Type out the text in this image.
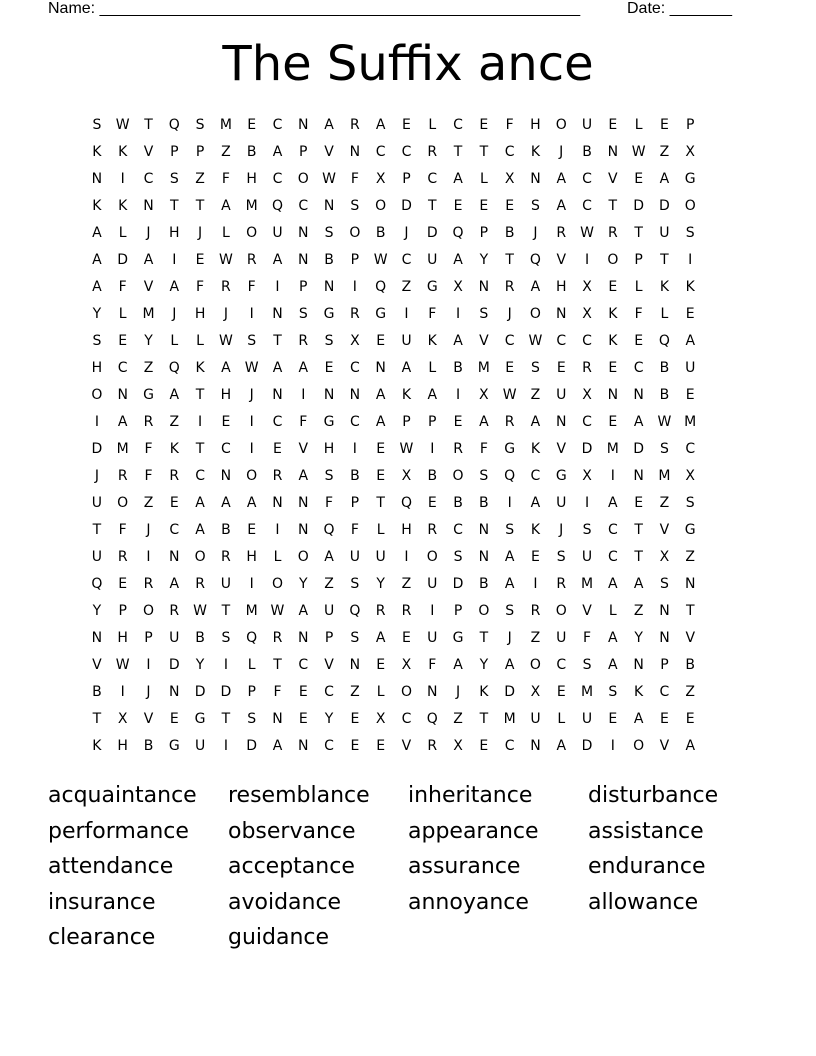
Name: ______________________________________________________	Date: _______
The Suffix ance
S	W	T	Q	S	M	E	C	N	A	R	A	E	L	C	E	F	H	O	U	E	L	E	P
K	K	V	P	P	Z	B	A	P	V	N	C	C	R	T	T	C	K	J	B	N W	Z	X
N	I	C	S	Z	F	H	C	O W	F	X	P	C	A	L	X	N	A	C	V	E	A	G
K	K	N	T	T	A	M	Q	C	N	S	O	D	T	E	E	E	S	A	C	T	D	D	O
A	L	J	H	J	L	O	U	N	S	O	B	J	D	Q	P	B	J	R	W	R	T	U	S
A	D	A	I	E	W	R	A	N	B	P	W C	U	A	Y	T	Q	V	I	O	P	T	I
A	F	V	A	F	R	F	I	P	N	I	Q	Z	G	X	N	R	A	H	X	E	L	K	K
Y	L	M	J	H	J	I	N	S	G	R	G	I	F	I	S	J	O	N	X	K	F	L	E
S	E	Y	L	L	W	S	T	R	S	X	E	U	K	A	V	C W C	C	K	E	Q	A
H	C	Z	Q	K	A	W	A	A	E	C	N	A	L	B	M	E	S	E	R	E	C	B	U
O	N	G	A	T	H	J	N	I	N	N	A	K	A	I	X	W	Z	U	X	N	N	B	E
I	A	R	Z	I	E	I	C	F	G	C	A	P	P	E	A	R	A	N	C	E	A	W M
D	M	F	K	T	C	I	E	V	H	I	E	W	I	R	F	G	K	V	D	M	D	S	C
J	R	F	R	C	N	O	R	A	S	B	E	X	B	O	S	Q	C	G	X	I	N	M	X
U	O	Z	E	A	A	A	N	N	F	P	T	Q	E	B	B	I	A	U	I	A	E	Z	S
T	F	J	C	A	B	E	I	N	Q	F	L	H	R	C	N	S	K	J	S	C	T	V	G
U	R	I	N	O	R	H	L	O	A	U	U	I	O	S	N	A	E	S	U	C	T	X	Z
Q	E	R	A	R	U	I	O	Y	Z	S	Y	Z	U	D	B	A	I	R	M	A	A	S	N
Y	P	O	R	W	T	M W	A	U	Q	R	R	I	P	O	S	R	O	V	L	Z	N	T
N	H	P	U	B	S	Q	R	N	P	S	A	E	U	G	T	J	Z	U	F	A	Y	N	V
V	W	I	D	Y	I	L	T	C	V	N	E	X	F	A	Y	A	O	C	S	A	N	P	B
B	I	J	N	D	D	P	F	E	C	Z	L	O	N	J	K	D	X	E	M	S	K	C	Z
T	X	V	E	G	T	S	N	E	Y	E	X	C	Q	Z	T	M	U	L	U	E	A	E	E
K	H	B	G	U	I	D	A	N	C	E	E	V	R	X	E	C	N	A	D	I	O	V	A
acquaintance	resemblance	inheritance	disturbance
performance	observance	appearance	assistance
attendance	acceptance	assurance	endurance
insurance	avoidance	annoyance	allowance
clearance	guidance
